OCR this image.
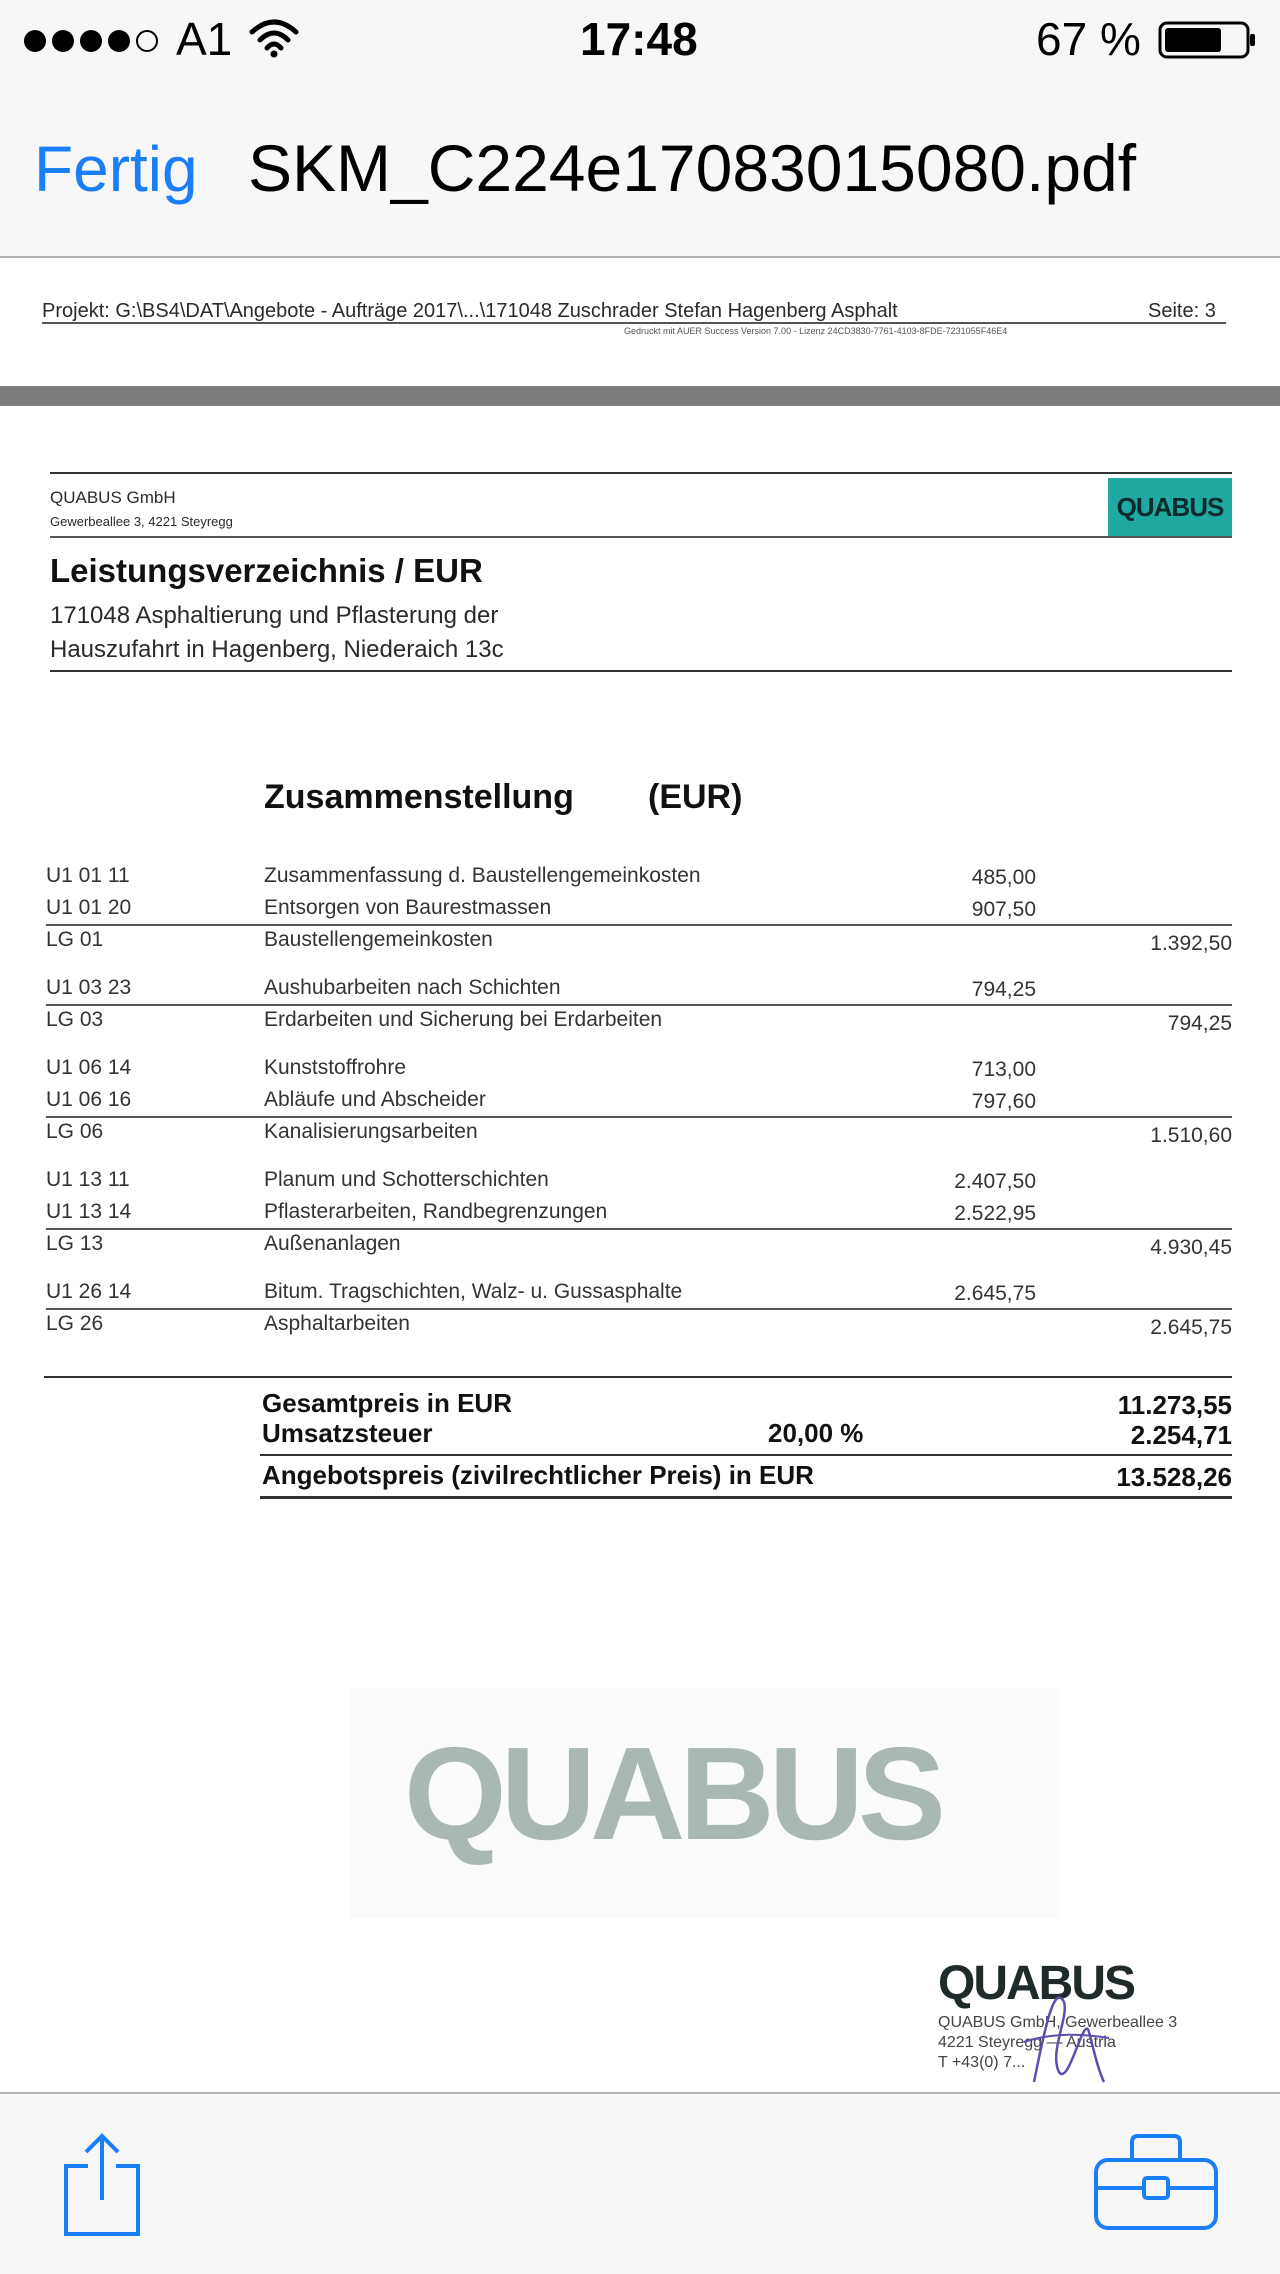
A1	17:48	67 %
Fertig SKM_C224e17083015080.pdf
Projekt: G:\BS4\DAT\Angebote - Aufträge 2017\...\171048 Zuschrader Stefan Hagenberg Asphalt	Seite: 3
Gedruckt mit AUER Success Version 7.00 - Lizenz 24CD3830-7761-4103-8FDE-7231055F46E4
QUABUS GmbH
Gewerbeallee 3, 4221 Steyregg	QUABUS
Leistungsverzeichnis / EUR
171048 Asphaltierung und Pflasterung der
Hauszufahrt in Hagenberg, Niederaich 13c
Zusammenstellung (EUR)
U1 01 11	Zusammenfassung d. Baustellengemeinkosten	485,00
U1 01 20	Entsorgen von Baurestmassen	907,50
LG 01	Baustellengemeinkosten	1.392,50
U1 03 23	Aushubarbeiten nach Schichten	794,25
LG 03	Erdarbeiten und Sicherung bei Erdarbeiten	794,25
U1 06 14	Kunststoffrohre	713,00
U1 06 16	Abläufe und Abscheider	797,60
LG 06	Kanalisierungsarbeiten	1.510,60
U1 13 11	Planum und Schotterschichten	2.407,50
U1 13 14	Pflasterarbeiten, Randbegrenzungen	2.522,95
LG 13	Außenanlagen	4.930,45
U1 26 14	Bitum. Tragschichten, Walz- u. Gussasphalte	2.645,75
LG 26	Asphaltarbeiten	2.645,75
Gesamtpreis in EUR	11.273,55
Umsatzsteuer	20,00 %	2.254,71
Angebotspreis (zivilrechtlicher Preis) in EUR	13.528,26
QUABUS
QUABUS
QUABUS GmbH, Gewerbeallee 3
4221 Steyregg — Austria
T +43(0) 7...
